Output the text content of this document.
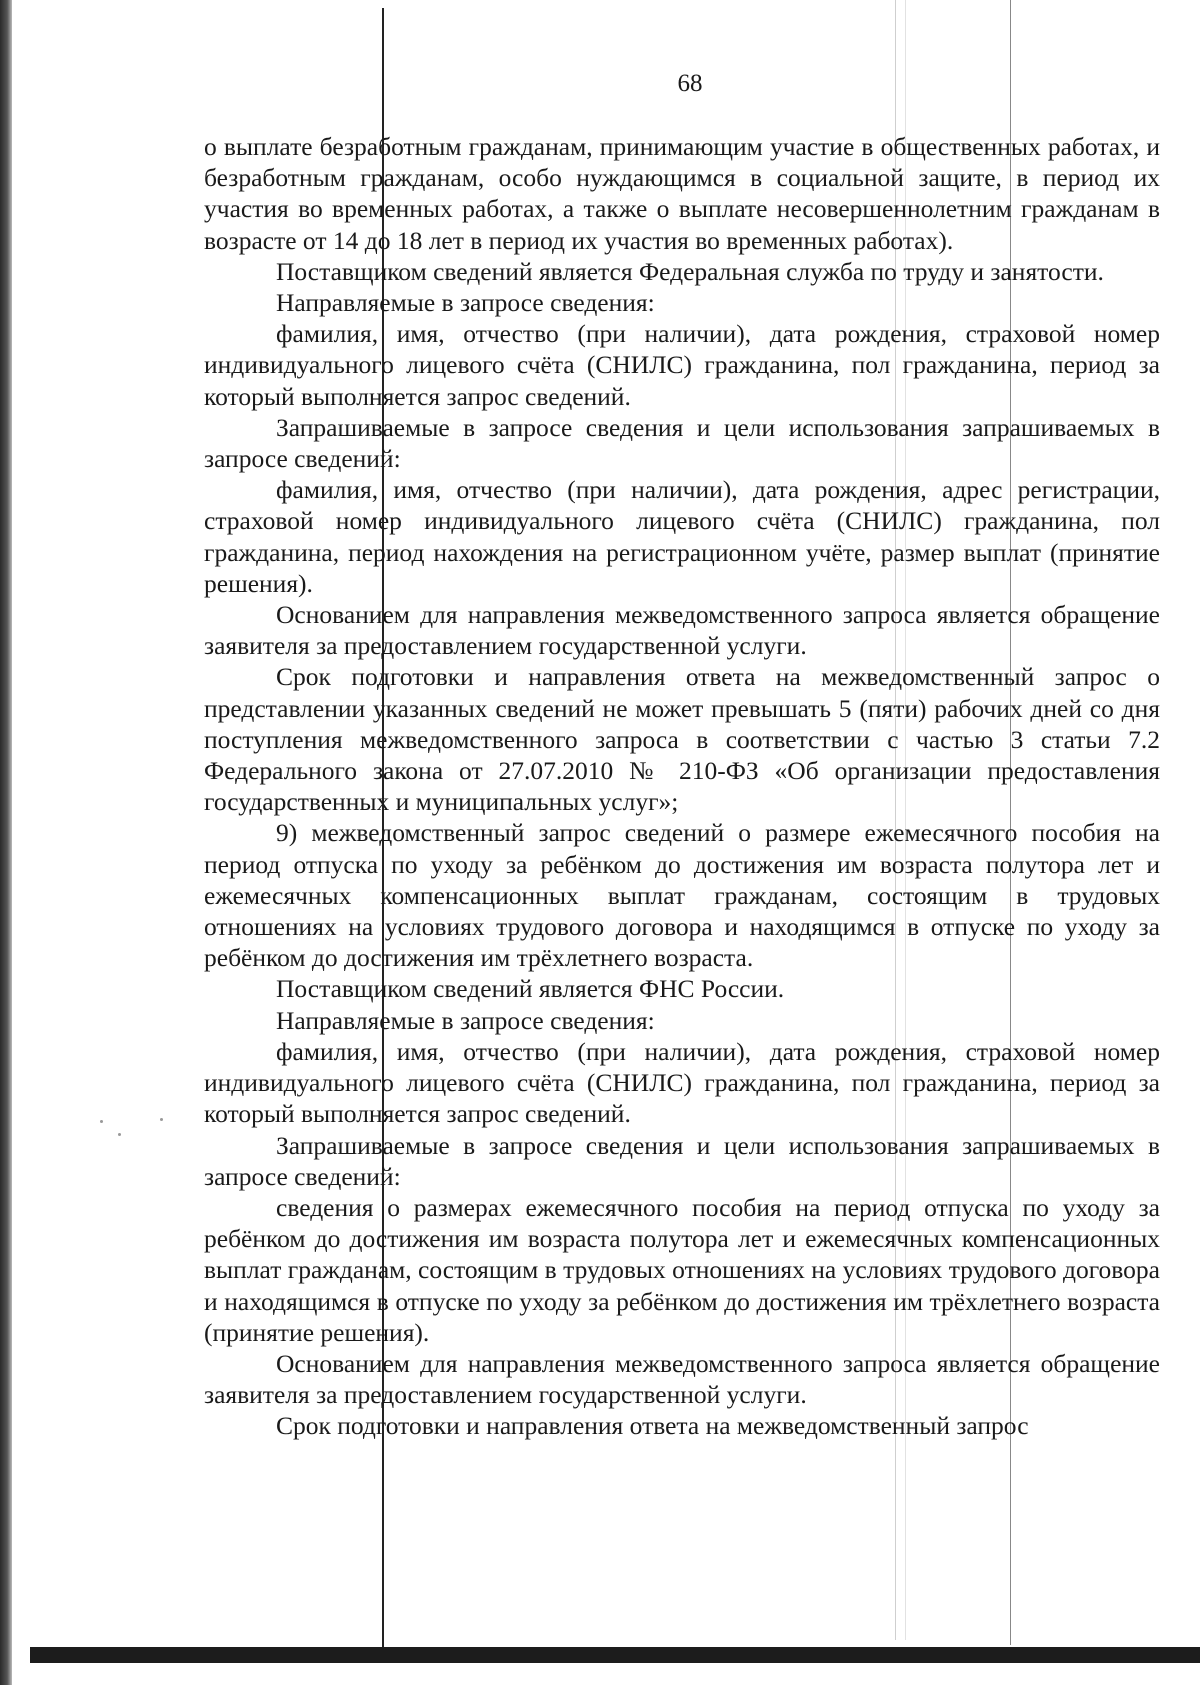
68

о выплате безработным гражданам, принимающим участие в общественных работах, и безработным гражданам, особо нуждающимся в социальной защите, в период их участия во временных работах, а также о выплате несовершеннолетним гражданам в возрасте от 14 до 18 лет в период их участия во временных работах).

Поставщиком сведений является Федеральная служба по труду и занятости.

Направляемые в запросе сведения:

фамилия, имя, отчество (при наличии), дата рождения, страховой номер индивидуального лицевого счёта (СНИЛС) гражданина, пол гражданина, период за который выполняется запрос сведений.

Запрашиваемые в запросе сведения и цели использования запрашиваемых в запросе сведений:

фамилия, имя, отчество (при наличии), дата рождения, адрес регистрации, страховой номер индивидуального лицевого счёта (СНИЛС) гражданина, пол гражданина, период нахождения на регистрационном учёте, размер выплат (принятие решения).

Основанием для направления межведомственного запроса является обращение заявителя за предоставлением государственной услуги.

Срок подготовки и направления ответа на межведомственный запрос о представлении указанных сведений не может превышать 5 (пяти) рабочих дней со дня поступления межведомственного запроса в соответствии с частью 3 статьи 7.2 Федерального закона от 27.07.2010 № 210-ФЗ «Об организации предоставления государственных и муниципальных услуг»;

9) межведомственный запрос сведений о размере ежемесячного пособия на период отпуска по уходу за ребёнком до достижения им возраста полутора лет и ежемесячных компенсационных выплат гражданам, состоящим в трудовых отношениях на условиях трудового договора и находящимся в отпуске по уходу за ребёнком до достижения им трёхлетнего возраста.

Поставщиком сведений является ФНС России.

Направляемые в запросе сведения:

фамилия, имя, отчество (при наличии), дата рождения, страховой номер индивидуального лицевого счёта (СНИЛС) гражданина, пол гражданина, период за который выполняется запрос сведений.

Запрашиваемые в запросе сведения и цели использования запрашиваемых в запросе сведений:

сведения о размерах ежемесячного пособия на период отпуска по уходу за ребёнком до достижения им возраста полутора лет и ежемесячных компенсационных выплат гражданам, состоящим в трудовых отношениях на условиях трудового договора и находящимся в отпуске по уходу за ребёнком до достижения им трёхлетнего возраста (принятие решения).

Основанием для направления межведомственного запроса является обращение заявителя за предоставлением государственной услуги.

Срок подготовки и направления ответа на межведомственный запрос
